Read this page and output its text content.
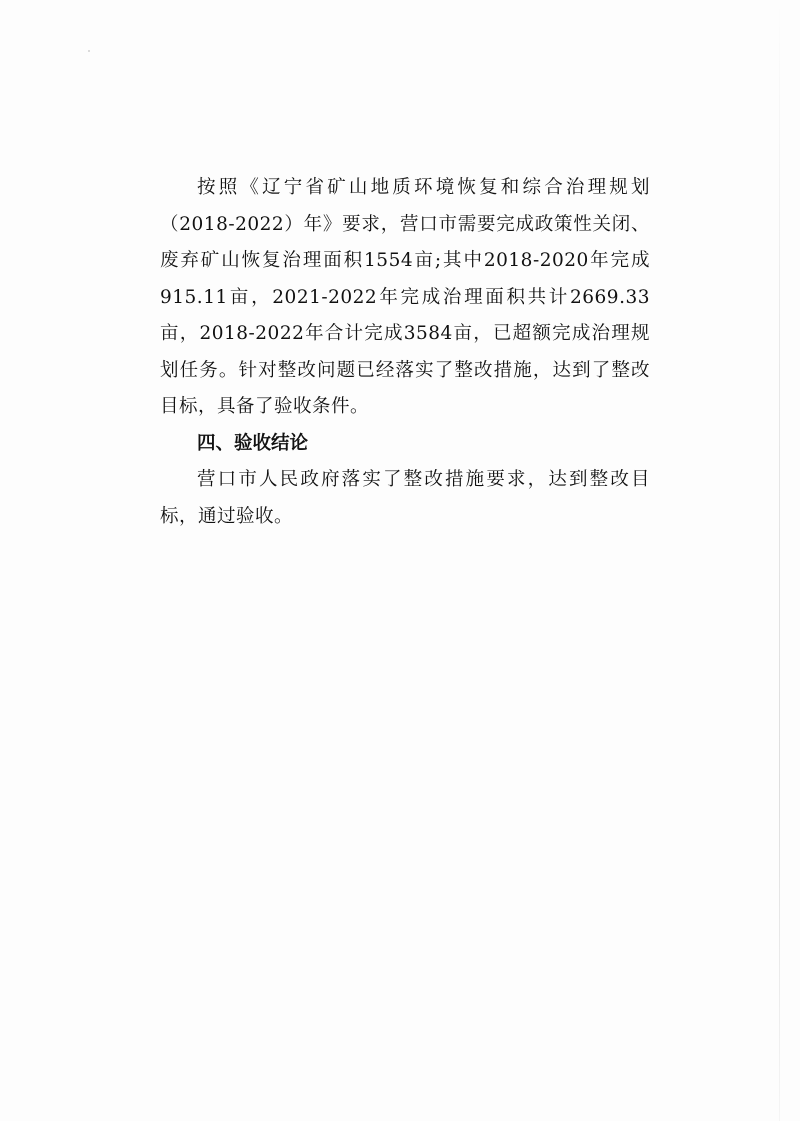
按照《辽宁省矿山地质环境恢复和综合治理规划（2018-2022）年》要求，营口市需要完成政策性关闭、废弃矿山恢复治理面积1554亩;其中2018-2020年完成915.11亩，2021-2022年完成治理面积共计2669.33亩，2018-2022年合计完成3584亩，已超额完成治理规划任务。针对整改问题已经落实了整改措施，达到了整改目标，具备了验收条件。

四、验收结论

营口市人民政府落实了整改措施要求，达到整改目标，通过验收。
